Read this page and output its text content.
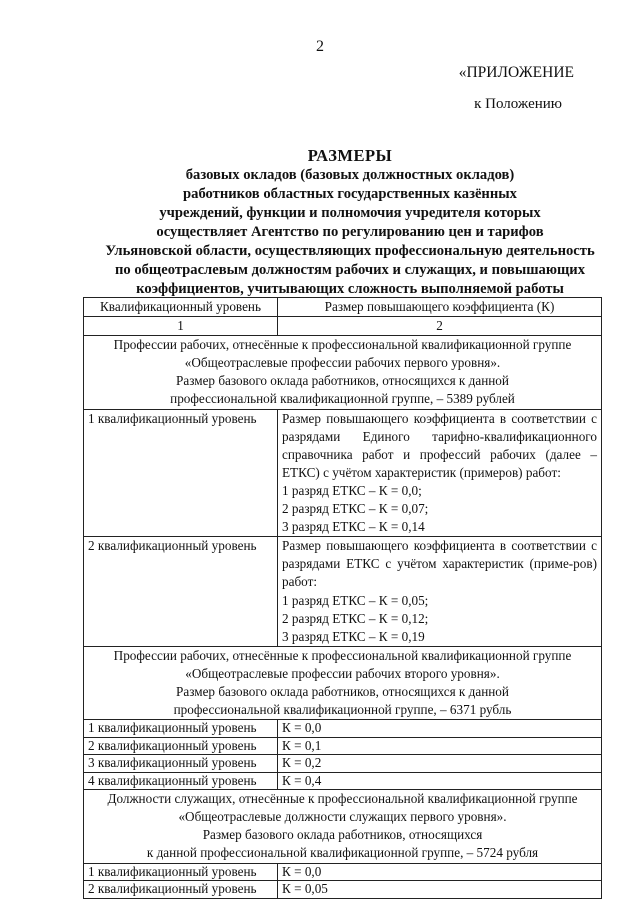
2
«ПРИЛОЖЕНИЕ
к Положению
РАЗМЕРЫ
базовых окладов (базовых должностных окладов)
работников областных государственных казённых
учреждений, функции и полномочия учредителя которых
осуществляет Агентство по регулированию цен и тарифов
Ульяновской области, осуществляющих профессиональную деятельность
по общеотраслевым должностям рабочих и служащих, и повышающих
коэффициентов, учитывающих сложность выполняемой работы
Квалификационный уровень	Размер повышающего коэффициента (К)
1	2

Профессии рабочих, отнесённые к профессиональной квалификационной группе
«Общеотраслевые профессии рабочих первого уровня».
Размер базового оклада работников, относящихся к данной
профессиональной квалификационной группе, – 5389 рублей	

1 квалификационный уровень	Размер повышающего коэффициента в соответствии с разрядами Единого тарифно-квалификационного справочника работ и профессий рабочих (далее – ЕТКС) с учётом характеристик (примеров) работ:
1 разряд ЕТКС – К = 0,0;
2 разряд ЕТКС – К = 0,07;
3 разряд ЕТКС – К = 0,14

2 квалификационный уровень	Размер повышающего коэффициента в соответствии с разрядами ЕТКС с учётом характеристик (приме-ров) работ:
1 разряд ЕТКС – К = 0,05;
2 разряд ЕТКС – К = 0,12;
3 разряд ЕТКС – К = 0,19

Профессии рабочих, отнесённые к профессиональной квалификационной группе
«Общеотраслевые профессии рабочих второго уровня».
Размер базового оклада работников, относящихся к данной
профессиональной квалификационной группе, – 6371 рубль	

1 квалификационный уровень	К = 0,0
2 квалификационный уровень	К = 0,1
3 квалификационный уровень	К = 0,2
4 квалификационный уровень	К = 0,4

Должности служащих, отнесённые к профессиональной квалификационной группе
«Общеотраслевые должности служащих первого уровня».
Размер базового оклада работников, относящихся
к данной профессиональной квалификационной группе, – 5724 рубля	

1 квалификационный уровень	К = 0,0
2 квалификационный уровень	К = 0,05
